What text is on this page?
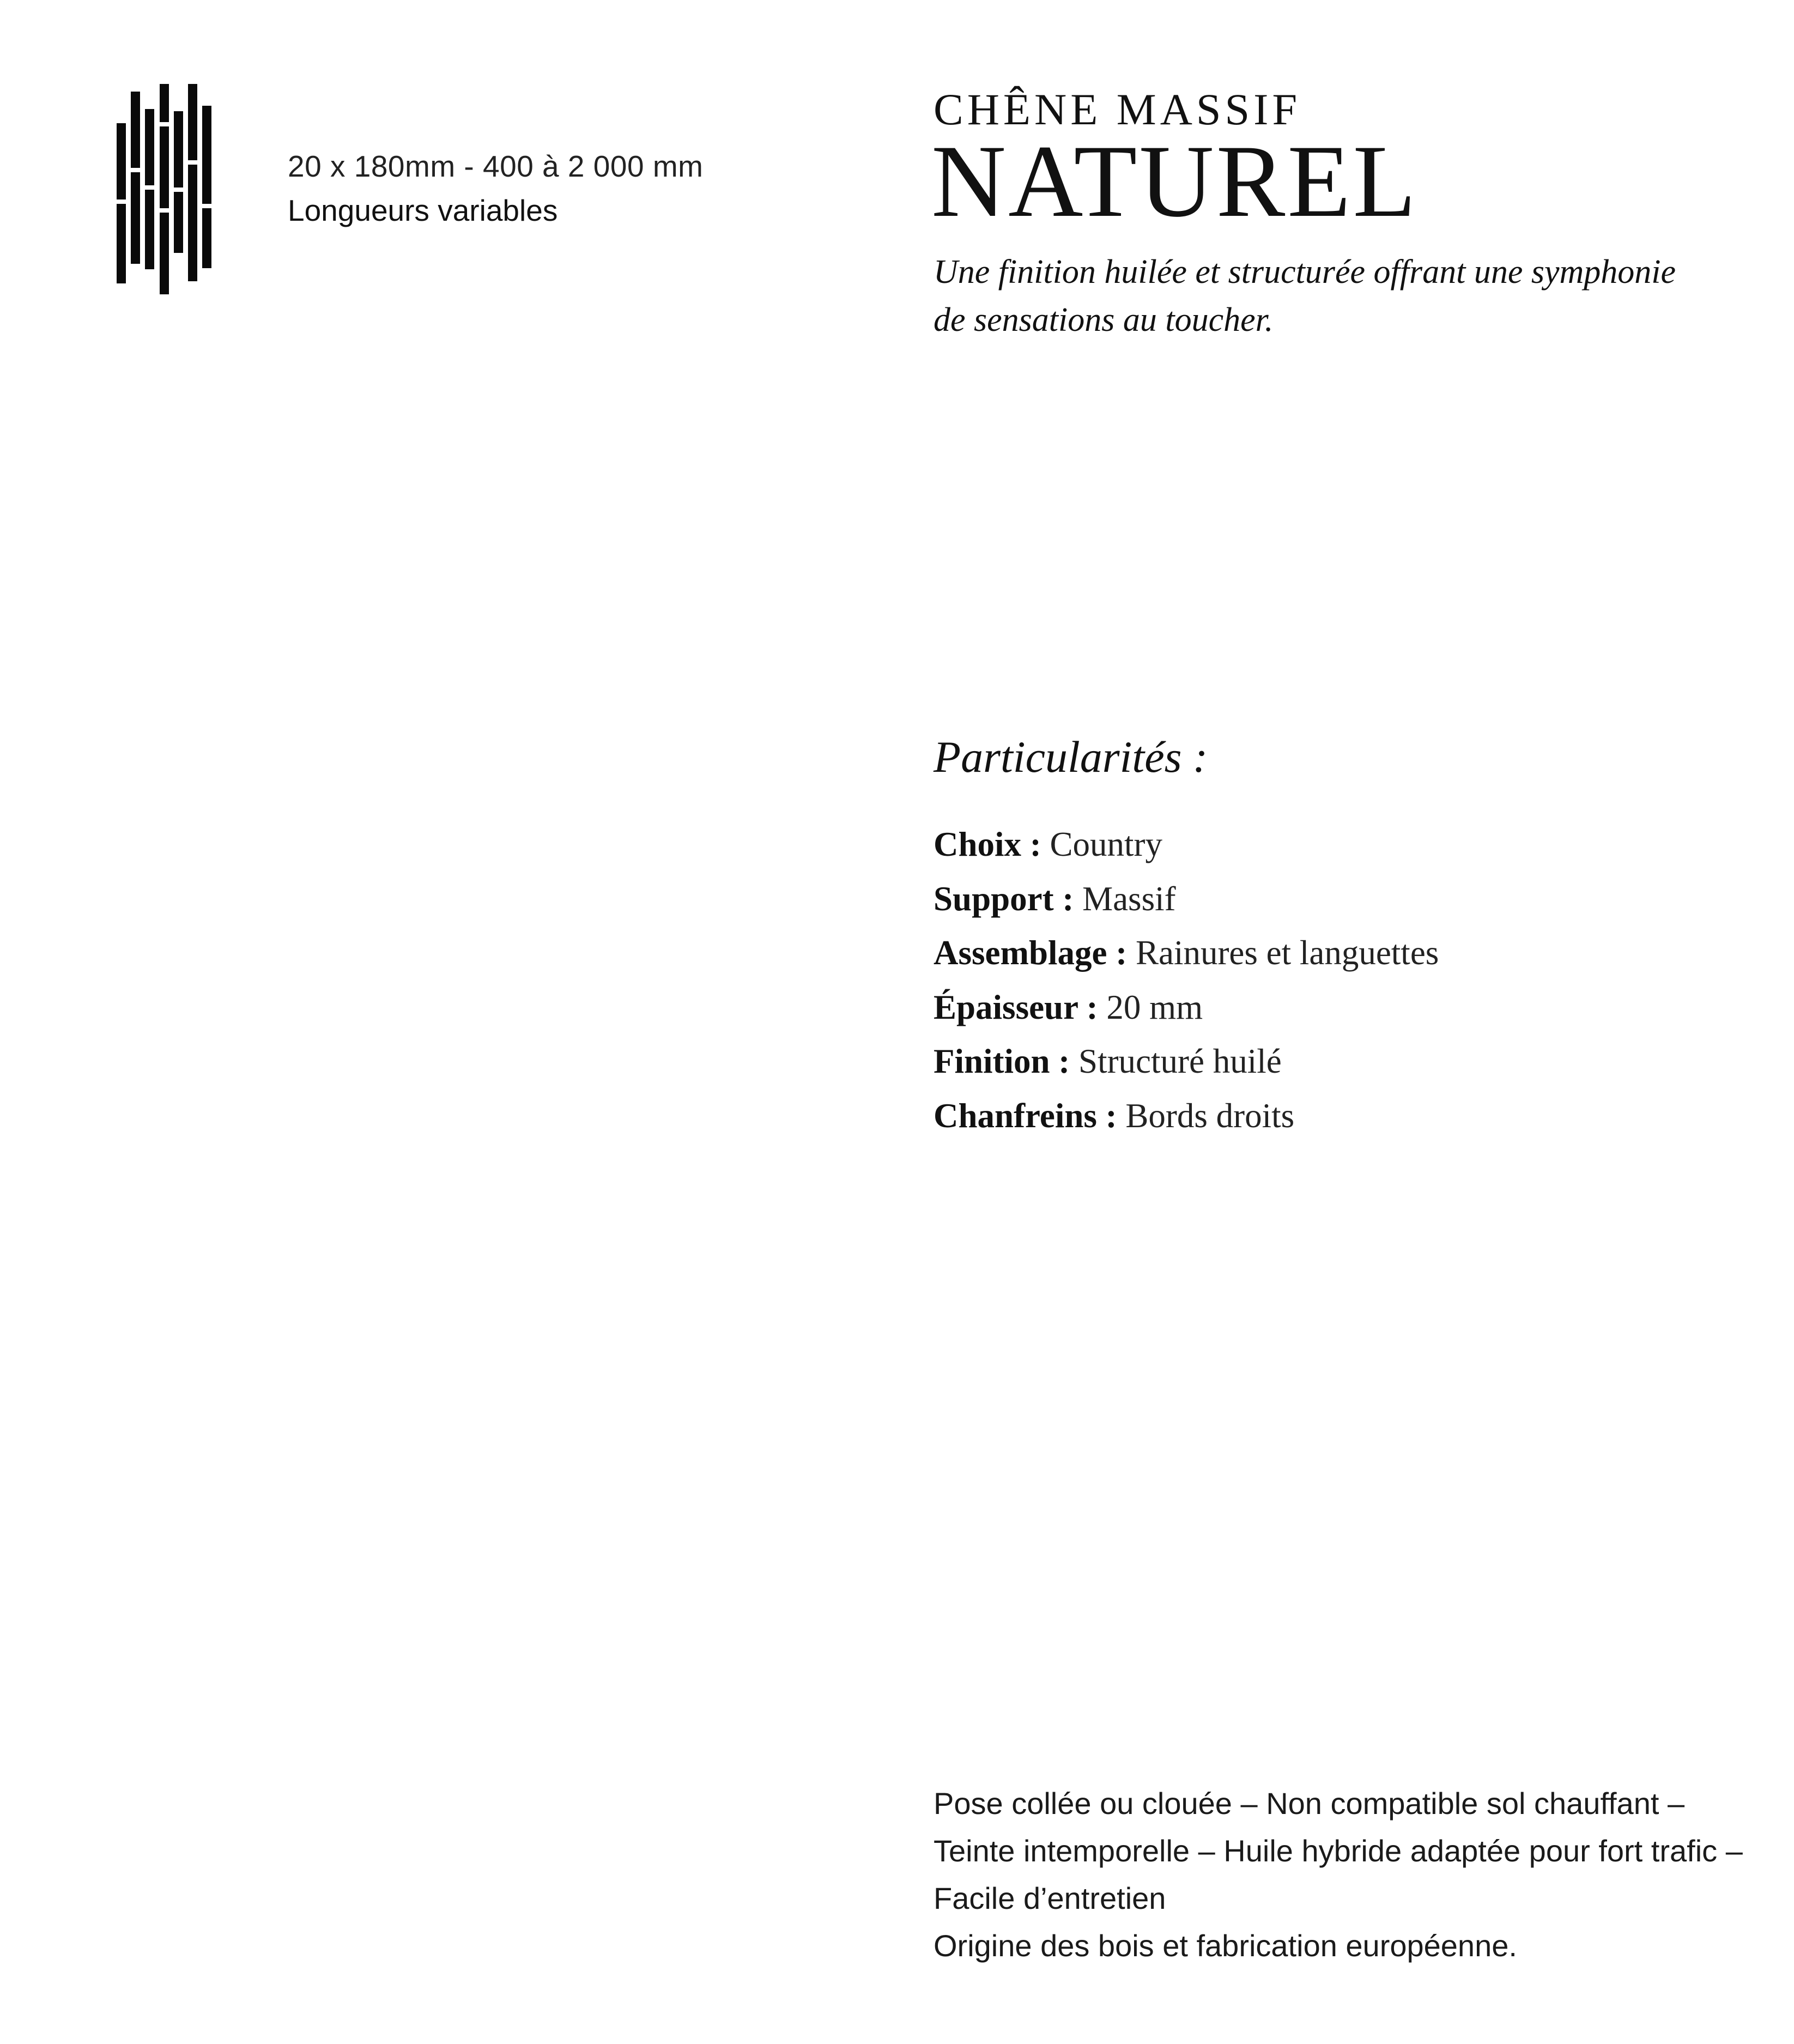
20 x 180mm - 400 à 2 000 mm
Longueurs variables
CHÊNE MASSIF
NATUREL

Une finition huilée et structurée offrant une symphonie de sensations au toucher.

Particularités :
Choix : Country
Support : Massif
Assemblage : Rainures et languettes
Épaisseur : 20 mm
Finition : Structuré huilé
Chanfreins : Bords droits

Pose collée ou clouée – Non compatible sol chauffant – Teinte intemporelle – Huile hybride adaptée pour fort trafic – Facile d’entretien

Origine des bois et fabrication européenne.
